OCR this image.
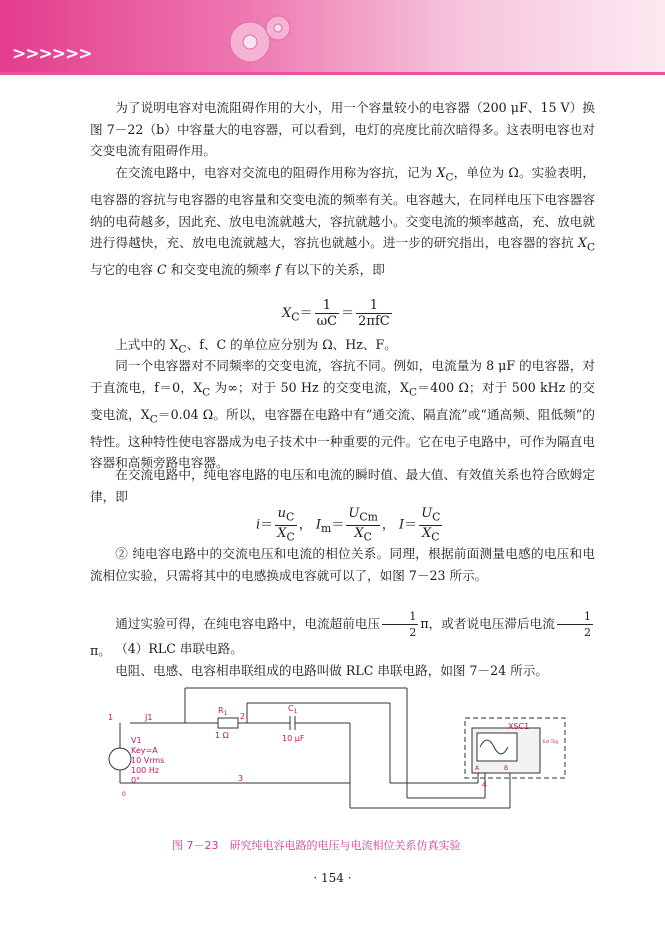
>>>>>>

为了说明电容对电流阻碍作用的大小，用一个容量较小的电容器（200 μF、15 V）换图 7－22（b）中容量大的电容器，可以看到，电灯的亮度比前次暗得多。这表明电容也对交变电流有阻碍作用。

在交流电路中，电容对交流电的阻碍作用称为容抗，记为 $X_C$，单位为 Ω。实验表明，电容器的容抗与电容器的电容量和交变电流的频率有关。电容越大，在同样电压下电容器容纳的电荷越多，因此充、放电电流就越大，容抗就越小。交变电流的频率越高，充、放电就进行得越快，充、放电电流就越大，容抗也就越小。进一步的研究指出，电容器的容抗 $X_C$ 与它的电容 C 和交变电流的频率 f 有以下的关系，即

$X_C= \frac{1}{\omega C} = \frac{1}{\text{2πfC}}$

上式中的 $X_C$、f、C 的单位应分别为 Ω、Hz、F。

同一个电容器对不同频率的交变电流，容抗不同。例如，电流量为 8 μF 的电容器，对于直流电，f＝0，$X_C$ 为∞；对于 50 Hz 的交变电流，$X_C=400$ Ω；对于 500 kHz 的交变电流，$X_C=0.04$ Ω。所以，电容器在电路中有“通交流、隔直流”或“通高频、阻低频”的特性。这种特性使电容器成为电子技术中一种重要的元件。它在电子电路中，可作为隔直电容器和高频旁路电容器。

在交流电路中，纯电容电路的电压和电流的瞬时值、最大值、有效值关系也符合欧姆定律，即

$i= \frac{u_C}{X_C}$ ， $I_m= \frac{U_{Cm}}{X_C}$ ， $I= \frac{U_C}{X_C}$

② 纯电容电路中的交流电压和电流的相位关系。同理，根据前面测量电感的电压和电流相位实验，只需将其中的电感换成电容就可以了，如图 7－23 所示。

通过实验可得，在纯电容电路中，电流超前电压 $\frac{1}{2}$ π，或者说电压滞后电流 $\frac{1}{2}$
π。 （4）RLC 串联电路。

电阻、电感、电容相串联组成的电路叫做 RLC 串联电路，如图 7－24 所示。

J1
$R_1$
1 Ω
$C_1$
10 μF
2
1
3
V1
Key=A
10 Vrms
100 Hz
0°
XSC1
Ext Trig
A	B
4
0
图 7－23　研究纯电容电路的电压与电流相位关系仿真实验
· 154 ·
